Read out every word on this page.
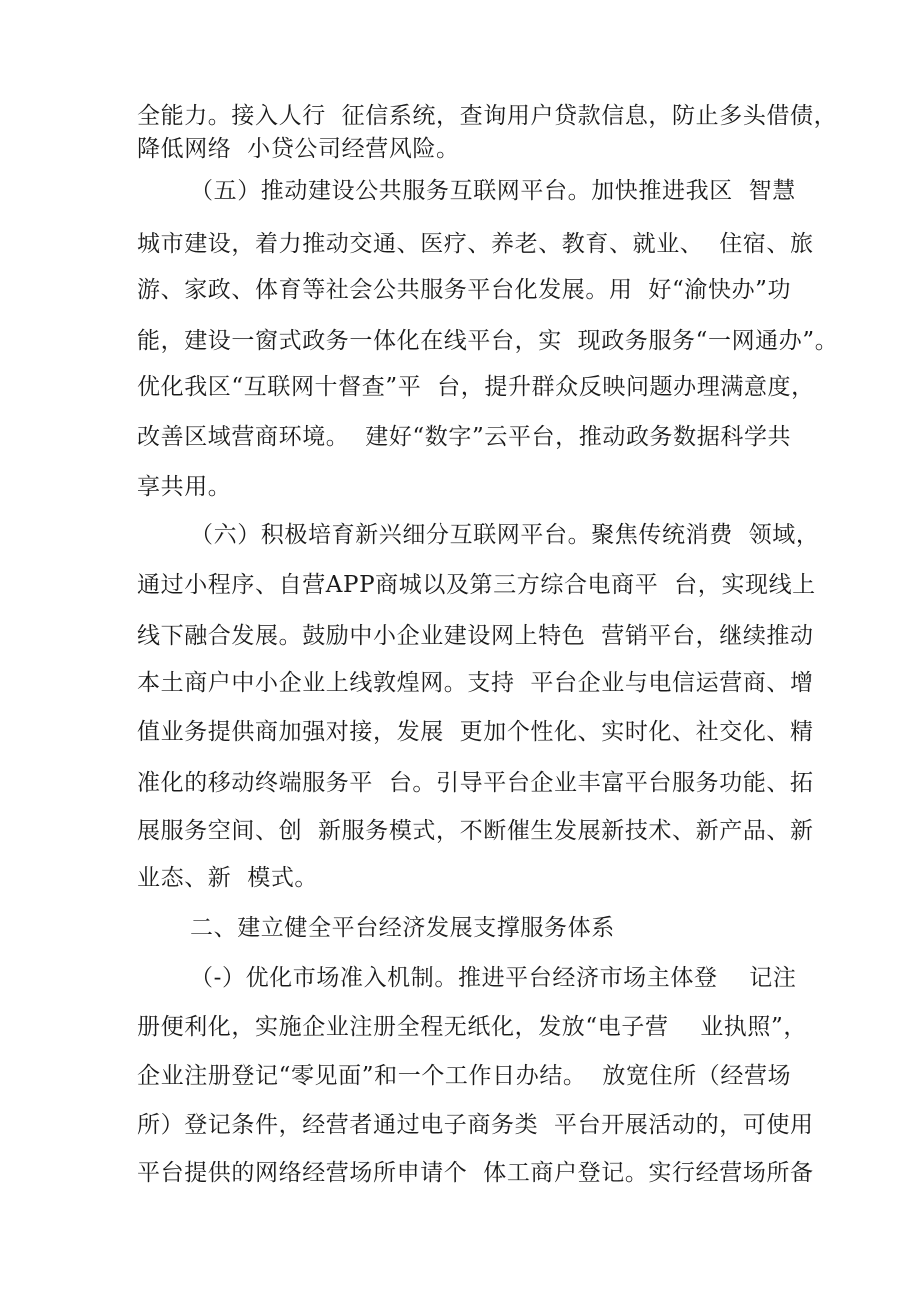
全能力。接入人行  征信系统，查询用户贷款信息，防止多头借债，
降低网络  小贷公司经营风险。
（五）推动建设公共服务互联网平台。加快推进我区  智慧
城市建设，着力推动交通、医疗、养老、教育、就业、  住宿、旅
游、家政、体育等社会公共服务平台化发展。用  好“渝快办”功
能，建设一窗式政务一体化在线平台，实  现政务服务“一网通办”。
优化我区“互联网十督查”平  台，提升群众反映问题办理满意度，
改善区域营商环境。  建好“数字”云平台，推动政务数据科学共
享共用。
（六）积极培育新兴细分互联网平台。聚焦传统消费  领域，
通过小程序、自营APP商城以及第三方综合电商平  台，实现线上
线下融合发展。鼓励中小企业建设网上特色  营销平台，继续推动
本土商户中小企业上线敦煌网。支持  平台企业与电信运营商、增
值业务提供商加强对接，发展  更加个性化、实时化、社交化、精
准化的移动终端服务平  台。引导平台企业丰富平台服务功能、拓
展服务空间、创  新服务模式，不断催生发展新技术、新产品、新
业态、新  模式。
二、建立健全平台经济发展支撑服务体系
（-）优化市场准入机制。推进平台经济市场主体登    记注
册便利化，实施企业注册全程无纸化，发放“电子营    业执照”，
企业注册登记“零见面”和一个工作日办结。  放宽住所（经营场
所）登记条件，经营者通过电子商务类  平台开展活动的，可使用
平台提供的网络经营场所申请个  体工商户登记。实行经营场所备
